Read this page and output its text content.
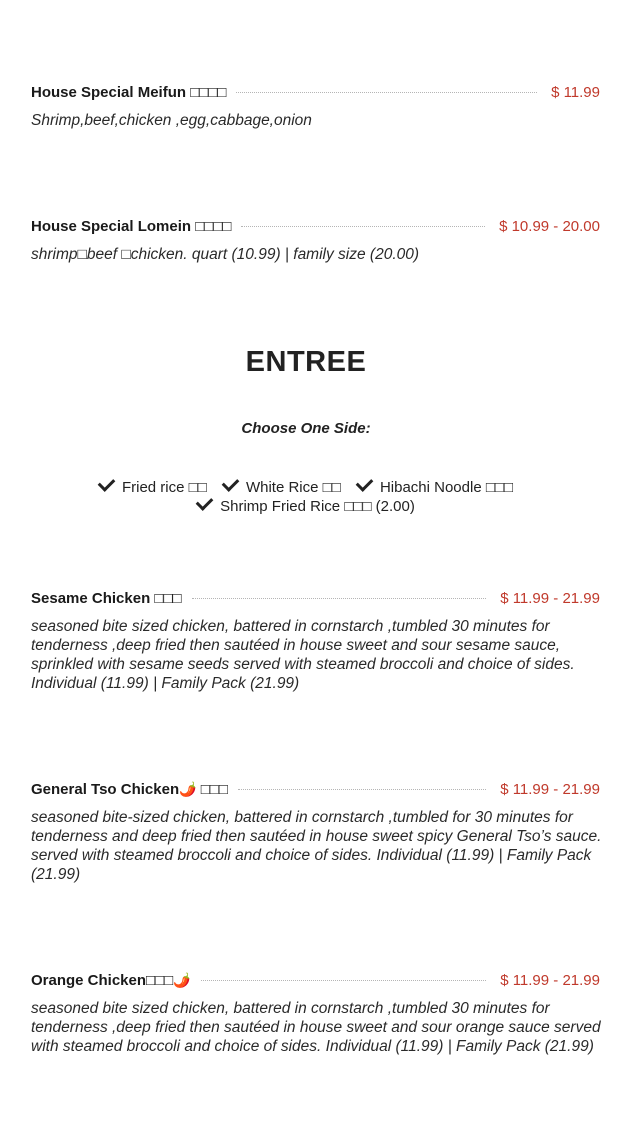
House Special Meifun □□□□	$ 11.99
Shrimp,beef,chicken ,egg,cabbage,onion
House Special Lomein □□□□	$ 10.99 - 20.00
shrimp□beef □chicken. quart (10.99) | family size (20.00)
ENTREE
Choose One Side:
Fried rice □□	White Rice □□	Hibachi Noodle □□□
Shrimp Fried Rice □□□ (2.00)
Sesame Chicken □□□	$ 11.99 - 21.99
seasoned bite sized chicken, battered in cornstarch ,tumbled 30 minutes for tenderness ,deep fried then sautéed in house sweet and sour sesame sauce, sprinkled with sesame seeds served with steamed broccoli and choice of sides. Individual (11.99) | Family Pack (21.99)
General Tso Chicken🌶️ □□□	$ 11.99 - 21.99
seasoned bite-sized chicken, battered in cornstarch ,tumbled for 30 minutes for tenderness and deep fried then sautéed in house sweet spicy General Tso’s sauce. served with steamed broccoli and choice of sides. Individual (11.99) | Family Pack (21.99)
Orange Chicken□□□🌶️	$ 11.99 - 21.99
seasoned bite sized chicken, battered in cornstarch ,tumbled 30 minutes for tenderness ,deep fried then sautéed in house sweet and sour orange sauce served with steamed broccoli and choice of sides. Individual (11.99) | Family Pack (21.99)
